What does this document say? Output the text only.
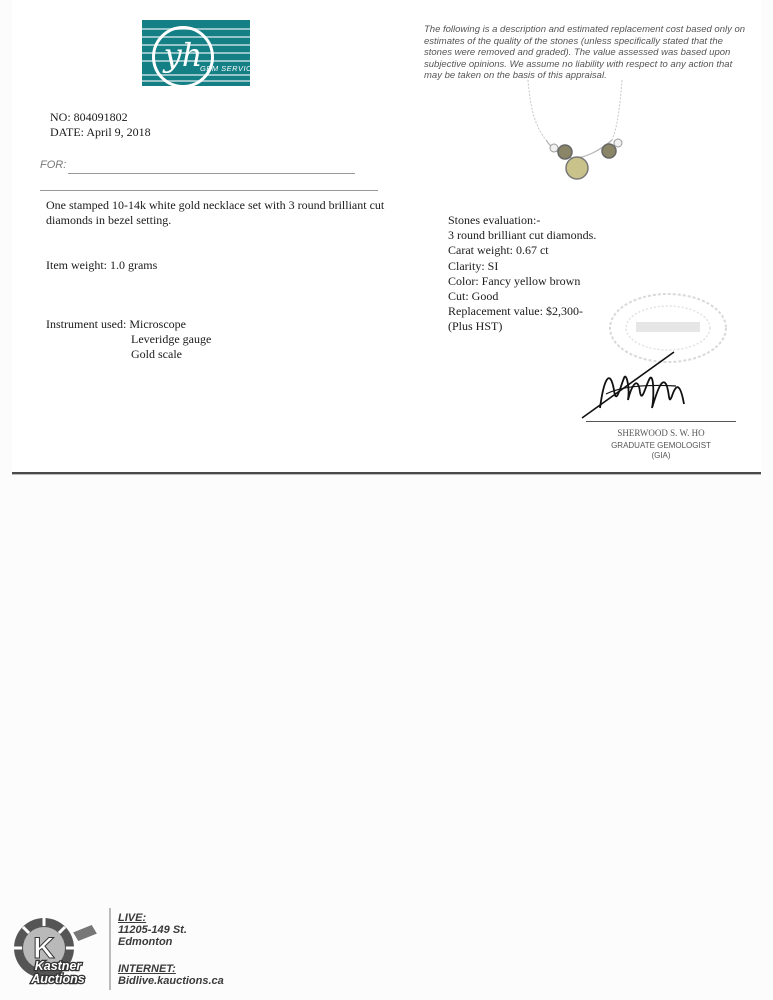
yh
GEM SERVICES
NO: 804091802
DATE: April 9, 2018
FOR:
One stamped 10-14k white gold necklace set with 3 round brilliant cut diamonds in bezel setting.
Item weight: 1.0 grams
Instrument used: Microscope
Leveridge gauge
Gold scale
The following is a description and estimated replacement cost based only on estimates of the quality of the stones (unless specifically stated that the stones were removed and graded). The value assessed was based upon subjective opinions. We assume no liability with respect to any action that may be taken on the basis of this appraisal.
Stones evaluation:-
3 round brilliant cut diamonds.
Carat weight: 0.67 ct
Clarity: SI
Color: Fancy yellow brown
Cut: Good
Replacement value: $2,300-
(Plus HST)
SHERWOOD S. W. HO
GRADUATE GEMOLOGIST
(GIA)
K
Kastner
Auctions
LIVE:
11205-149 St.
Edmonton
INTERNET:
Bidlive.kauctions.ca
